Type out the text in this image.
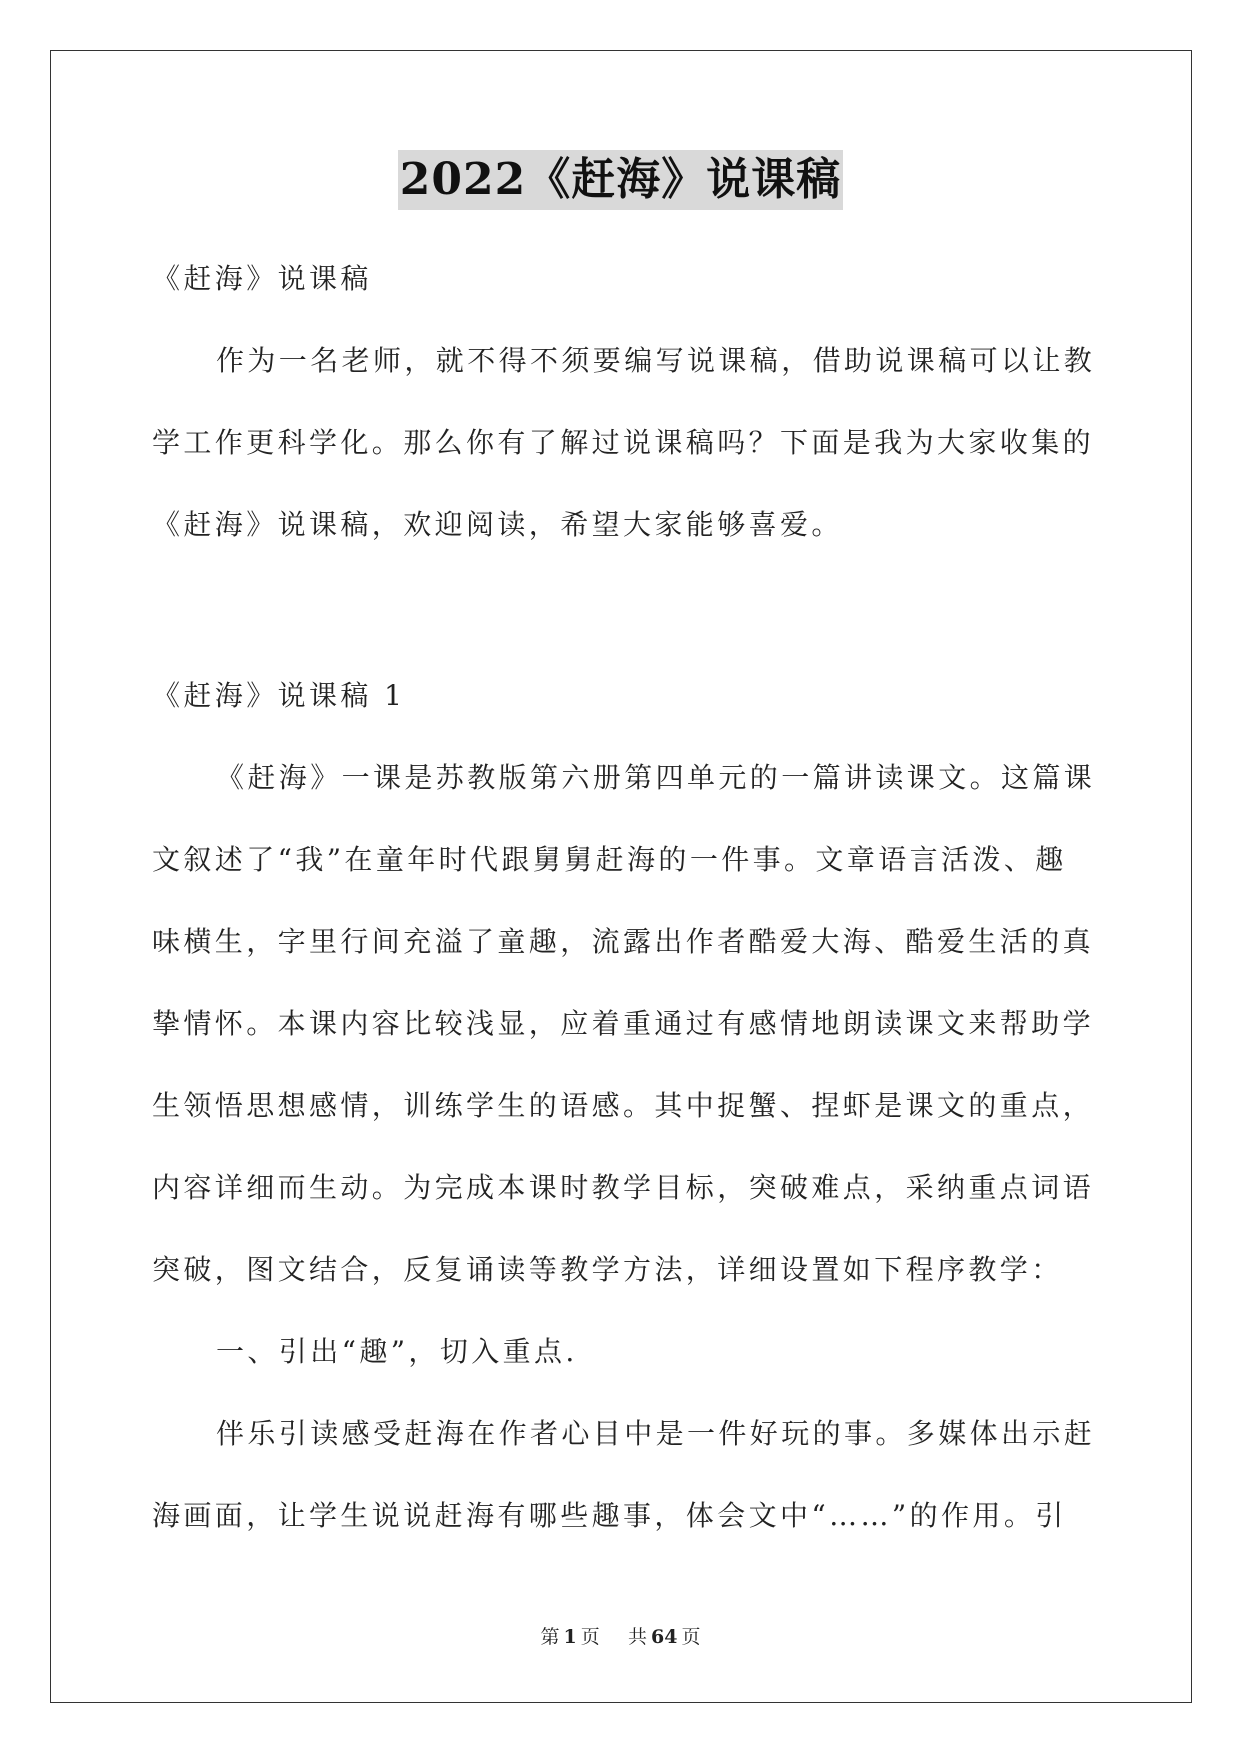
2022《赶海》说课稿
《赶海》说课稿
作为一名老师，就不得不须要编写说课稿，借助说课稿可以让教
学工作更科学化。那么你有了解过说课稿吗？下面是我为大家收集的
《赶海》说课稿，欢迎阅读，希望大家能够喜爱。
《赶海》说课稿 1
《赶海》一课是苏教版第六册第四单元的一篇讲读课文。这篇课
文叙述了“我”在童年时代跟舅舅赶海的一件事。文章语言活泼、趣
味横生，字里行间充溢了童趣，流露出作者酷爱大海、酷爱生活的真
挚情怀。本课内容比较浅显，应着重通过有感情地朗读课文来帮助学
生领悟思想感情，训练学生的语感。其中捉蟹、捏虾是课文的重点，
内容详细而生动。为完成本课时教学目标，突破难点，采纳重点词语
突破，图文结合，反复诵读等教学方法，详细设置如下程序教学：
一、引出“趣”，切入重点.
伴乐引读感受赶海在作者心目中是一件好玩的事。多媒体出示赶
海画面，让学生说说赶海有哪些趣事，体会文中“……”的作用。引
第 1 页 共 64 页
